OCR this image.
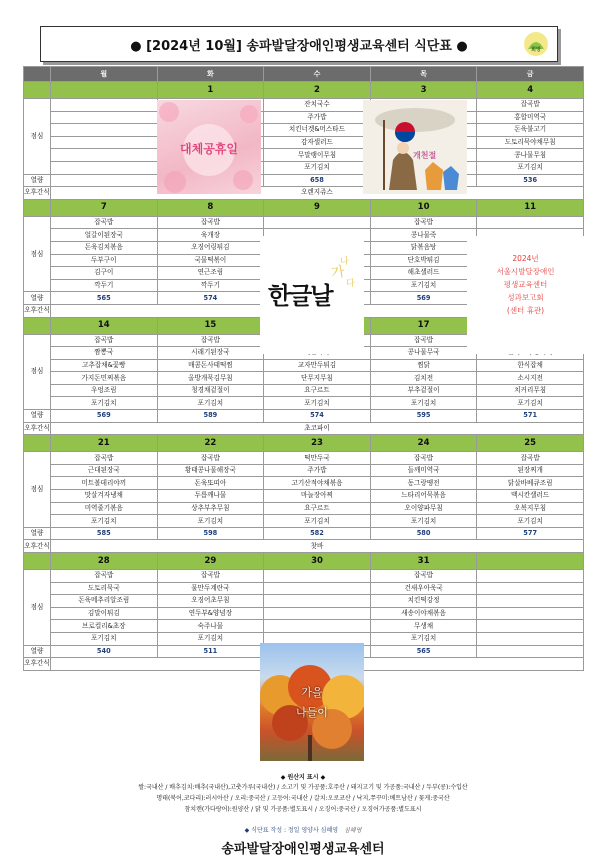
● [2024년 10월] 송파발달장애인평생교육센터 식단표 ●	희망
	월	화	수	목	금
		1	2	3	4
점심			잔치국수		잡곡밥
			주가밥		홍합미역국
			치킨너겟&머스타드		돈육불고기
			감자샐러드		도토리묵야채무침
			무말랭이무침		콩나물무침
			포기김치		포기김치
열량			658		536
오후간식	오렌지쥬스				
	7	8	9	10	11
점심	잡곡밥	잡곡밥		잡곡밥	
	얼갈이된장국	육개장		콩나물죽	
	돈육김치볶음	오징어링튀김		닭볶음탕	
	두부구이	국물떡볶이		단호박튀김	
	김구이	연근조림		해초샐러드	
	깍두기	깍두기		포기김치	
열량	565	574		569	
오후간식					
	14	15		17	
점심	잡곡밥	잡곡밥		잡곡밥	
	짬뽕국	시래기된장국		콩나물무국	
	고추잡채&꽃빵	매콤돈사태떡찜	교자만두튀김	찜닭	한식잡채
	가지돈민찌볶음	올방개묵김무침	단무지무침	김치전	소시지전
	우엉조림	청경채겉절이	요구르트	부추겉절이	치커리무침
	포기김치	포기김치	포기김치	포기김치	포기김치
열량	569	589	574	595	571
오후간식	초코파이				
	21	22	23	24	25
점심	잡곡밥	잡곡밥	떡만두국	잡곡밥	잡곡밥
	근대된장국	황태콩나물해장국	주가밥	들깨미역국	된장찌개
	미트볼데리야끼	돈육또띠아	고기산적야채볶음	동그랑땡전	닭살바베큐조림
	맛살겨자냉채	두릅깨나물	마늘장아찌	느타리어묵볶음	맥시칸샐러드
	미역줄기볶음	상추부추무침	요구르트	오이양파무침	오복지무침
	포기김치	포기김치	포기김치	포기김치	포기김치
열량	585	598	582	580	577
오후간식	찻바				
	28	29	30	31	
점심	잡곡밥	잡곡밥		잡곡밥	
	도토리묵국	물만두계란국		건새우아욱국	
	돈육메추리알조림	오징어초무침		치킨떡강정	
	김말이튀김	연두부&양념장		새송이야채볶음	
	브로컬리&초장	숙주나물		무생채	
	포기김치	포기김치		포기김치	
열량	540	511		565	
오후간식					
대체공휴일	개천절
가
나
다
한글날
2024년
서울시발달장애인
평생교육센터
성과보고회
(센터 휴관)
가을
나들이
◆ 원산지 표시 ◆
쌀:국내산 / 배추김치:배추(국내산),고춧가루(국내산) / 소고기 및 가공품:호주산 / 돼지고기 및 가공품:국내산 / 두부(콩):수입산
명태(북어,코다리):러시아산 / 오리:중국산 / 고등어:국내산 / 갈치:오로코산 / 낙지,쭈꾸미:베트남산 / 꽃게:중국산
참치캔(가다랑어):원양산 / 닭 및 가공품:별도표시 / 오징어:중국산 / 오징어가공품:별도표시
◆ 식단표 작성 : 정일 영양사 심혜영 심혜영
송파발달장애인평생교육센터
